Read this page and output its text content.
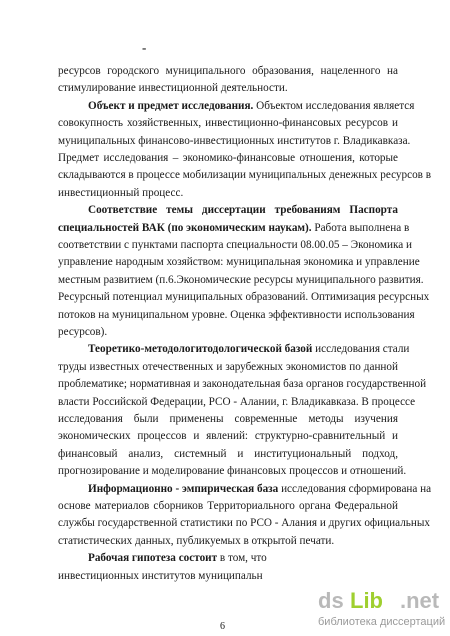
-
ресурсов городского муниципального образования, нацеленного на
стимулирование инвестиционной деятельности.
Объект и предмет исследования. Объектом исследования является
совокупность хозяйственных, инвестиционно-финансовых ресурсов и
муниципальных финансово-инвестиционных институтов г. Владикавказа.
Предмет исследования – экономико-финансовые отношения, которые
складываются в процессе мобилизации муниципальных денежных ресурсов в
инвестиционный процесс.
Соответствие темы диссертации требованиям Паспорта
специальностей ВАК (по экономическим наукам). Работа выполнена в
соответствии с пунктами паспорта специальности 08.00.05 – Экономика и
управление народным хозяйством: муниципальная экономика и управление
местным развитием (п.6.Экономические ресурсы муниципального развития.
Ресурсный потенциал муниципальных образований. Оптимизация ресурсных
потоков на муниципальном уровне. Оценка эффективности использования
ресурсов).
Теоретико-методологитодологической базой исследования стали
труды известных отечественных и зарубежных экономистов по данной
проблематике; нормативная и законодательная база органов государственной
власти Российской Федерации, РСО - Алании, г. Владикавказа. В процессе
исследования были применены современные методы изучения
экономических процессов и явлений: структурно-сравнительный и
финансовый анализ, системный и институциональный подход,
прогнозирование и моделирование финансовых процессов и отношений.
Информационно - эмпирическая база исследования сформирована на
основе материалов сборников Территориального органа Федеральной
службы государственной статистики по РСО - Алания и других официальных
статистических данных, публикуемых в открытой печати.
Рабочая гипотеза состоит в том, что
инвестиционных институтов муниципальн
6
ds Lib .net
библиотека диссертаций
